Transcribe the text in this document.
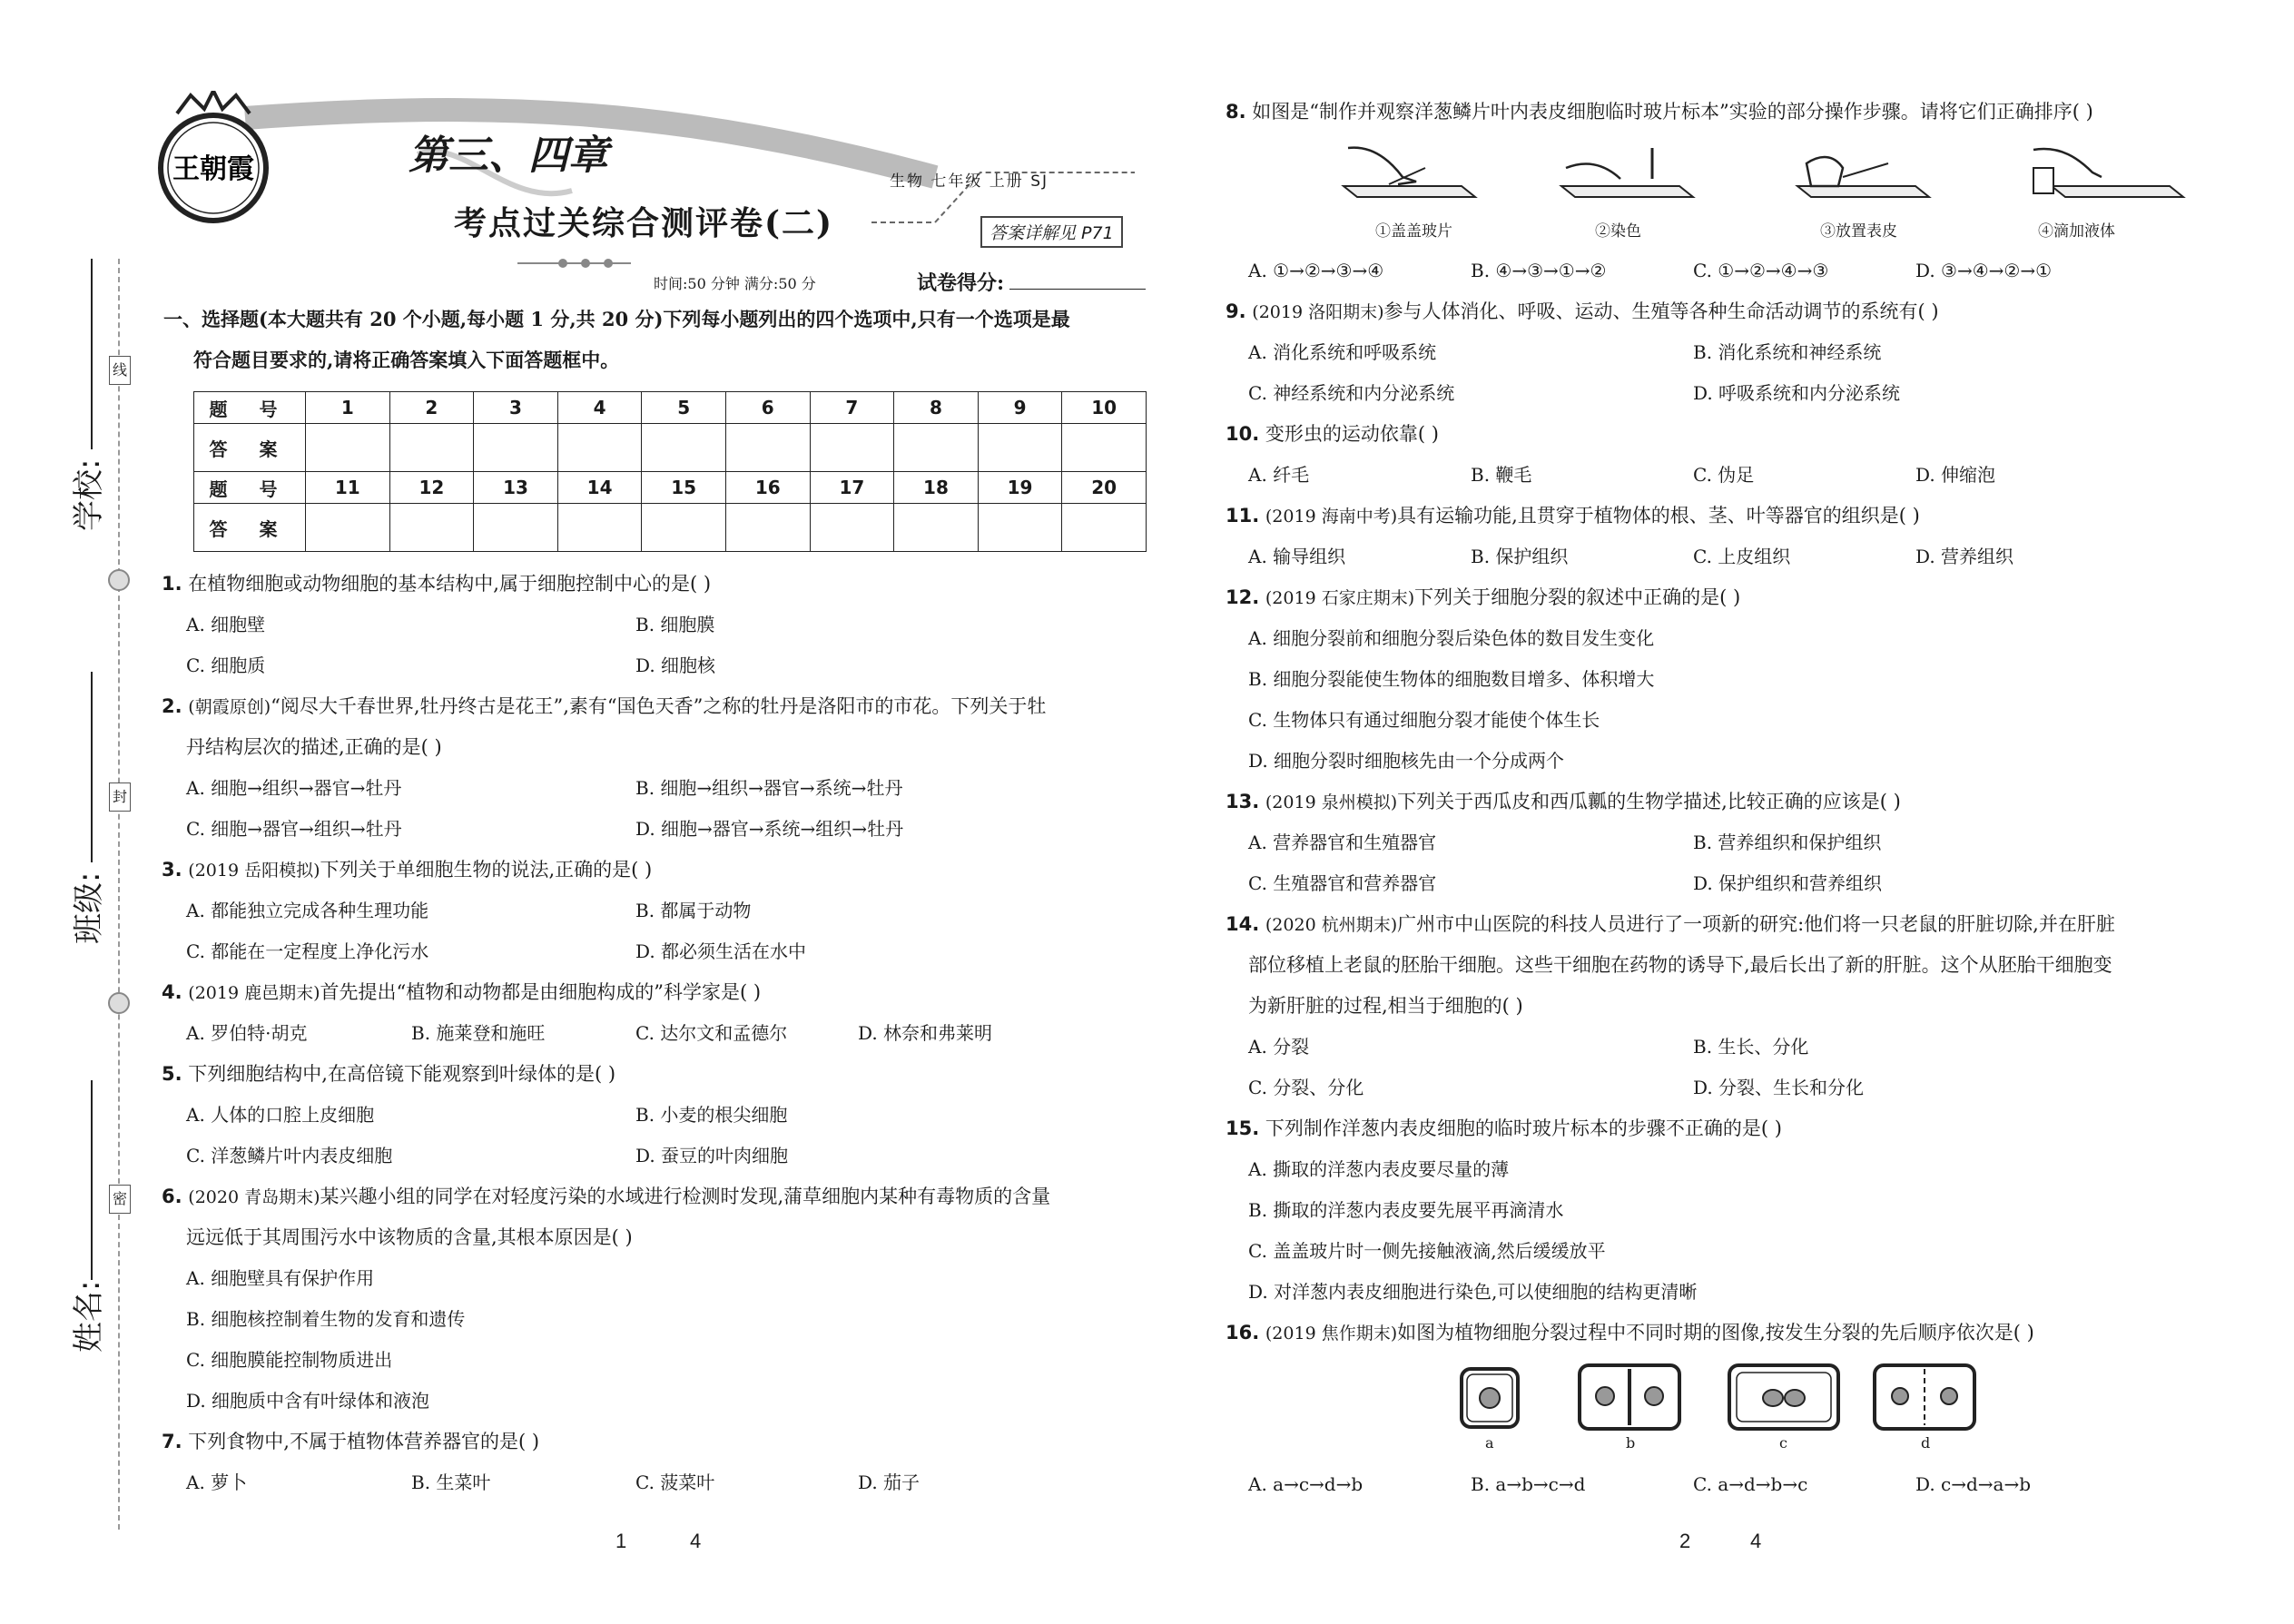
线
封
密
学校:
班级:
姓名:
王朝霞	第三、四章
生物 七年级 上册 SJ
考点过关综合测评卷(二)	答案详解见 P71
时间:50 分钟 满分:50 分	试卷得分:
一、选择题(本大题共有 20 个小题,每小题 1 分,共 20 分)下列每小题列出的四个选项中,只有一个选项是最
符合题目要求的,请将正确答案填入下面答题框中。
题 号	1	2	3	4	5	6	7	8	9	10
答 案										
题 号	11	12	13	14	15	16	17	18	19	20
答 案										
1. 在植物细胞或动物细胞的基本结构中,属于细胞控制中心的是( )
A. 细胞壁	B. 细胞膜
C. 细胞质	D. 细胞核
2. (朝霞原创)“阅尽大千春世界,牡丹终古是花王”,素有“国色天香”之称的牡丹是洛阳市的市花。下列关于牡
丹结构层次的描述,正确的是( )
A. 细胞→组织→器官→牡丹	B. 细胞→组织→器官→系统→牡丹
C. 细胞→器官→组织→牡丹	D. 细胞→器官→系统→组织→牡丹
3. (2019 岳阳模拟)下列关于单细胞生物的说法,正确的是( )
A. 都能独立完成各种生理功能	B. 都属于动物
C. 都能在一定程度上净化污水	D. 都必须生活在水中
4. (2019 鹿邑期末)首先提出“植物和动物都是由细胞构成的”科学家是( )
A. 罗伯特·胡克	B. 施莱登和施旺	C. 达尔文和孟德尔	D. 林奈和弗莱明
5. 下列细胞结构中,在高倍镜下能观察到叶绿体的是( )
A. 人体的口腔上皮细胞	B. 小麦的根尖细胞
C. 洋葱鳞片叶内表皮细胞	D. 蚕豆的叶肉细胞
6. (2020 青岛期末)某兴趣小组的同学在对轻度污染的水域进行检测时发现,蒲草细胞内某种有毒物质的含量
远远低于其周围污水中该物质的含量,其根本原因是( )
A. 细胞壁具有保护作用
B. 细胞核控制着生物的发育和遗传
C. 细胞膜能控制物质进出
D. 细胞质中含有叶绿体和液泡
7. 下列食物中,不属于植物体营养器官的是( )
A. 萝卜	B. 生菜叶	C. 菠菜叶	D. 茄子
1	4
8. 如图是“制作并观察洋葱鳞片叶内表皮细胞临时玻片标本”实验的部分操作步骤。请将它们正确排序( )
①盖盖玻片	②染色	③放置表皮	④滴加液体
A. ①→②→③→④	B. ④→③→①→②	C. ①→②→④→③	D. ③→④→②→①
9. (2019 洛阳期末)参与人体消化、呼吸、运动、生殖等各种生命活动调节的系统有( )
A. 消化系统和呼吸系统	B. 消化系统和神经系统
C. 神经系统和内分泌系统	D. 呼吸系统和内分泌系统
10. 变形虫的运动依靠( )
A. 纤毛	B. 鞭毛	C. 伪足	D. 伸缩泡
11. (2019 海南中考)具有运输功能,且贯穿于植物体的根、茎、叶等器官的组织是( )
A. 输导组织	B. 保护组织	C. 上皮组织	D. 营养组织
12. (2019 石家庄期末)下列关于细胞分裂的叙述中正确的是( )
A. 细胞分裂前和细胞分裂后染色体的数目发生变化
B. 细胞分裂能使生物体的细胞数目增多、体积增大
C. 生物体只有通过细胞分裂才能使个体生长
D. 细胞分裂时细胞核先由一个分成两个
13. (2019 泉州模拟)下列关于西瓜皮和西瓜瓤的生物学描述,比较正确的应该是( )
A. 营养器官和生殖器官	B. 营养组织和保护组织
C. 生殖器官和营养器官	D. 保护组织和营养组织
14. (2020 杭州期末)广州市中山医院的科技人员进行了一项新的研究:他们将一只老鼠的肝脏切除,并在肝脏
部位移植上老鼠的胚胎干细胞。这些干细胞在药物的诱导下,最后长出了新的肝脏。这个从胚胎干细胞变
为新肝脏的过程,相当于细胞的( )
A. 分裂	B. 生长、分化
C. 分裂、分化	D. 分裂、生长和分化
15. 下列制作洋葱内表皮细胞的临时玻片标本的步骤不正确的是( )
A. 撕取的洋葱内表皮要尽量的薄
B. 撕取的洋葱内表皮要先展平再滴清水
C. 盖盖玻片时一侧先接触液滴,然后缓缓放平
D. 对洋葱内表皮细胞进行染色,可以使细胞的结构更清晰
16. (2019 焦作期末)如图为植物细胞分裂过程中不同时期的图像,按发生分裂的先后顺序依次是( )
a	b	c	d
A. a→c→d→b	B. a→b→c→d	C. a→d→b→c	D. c→d→a→b
2	4
